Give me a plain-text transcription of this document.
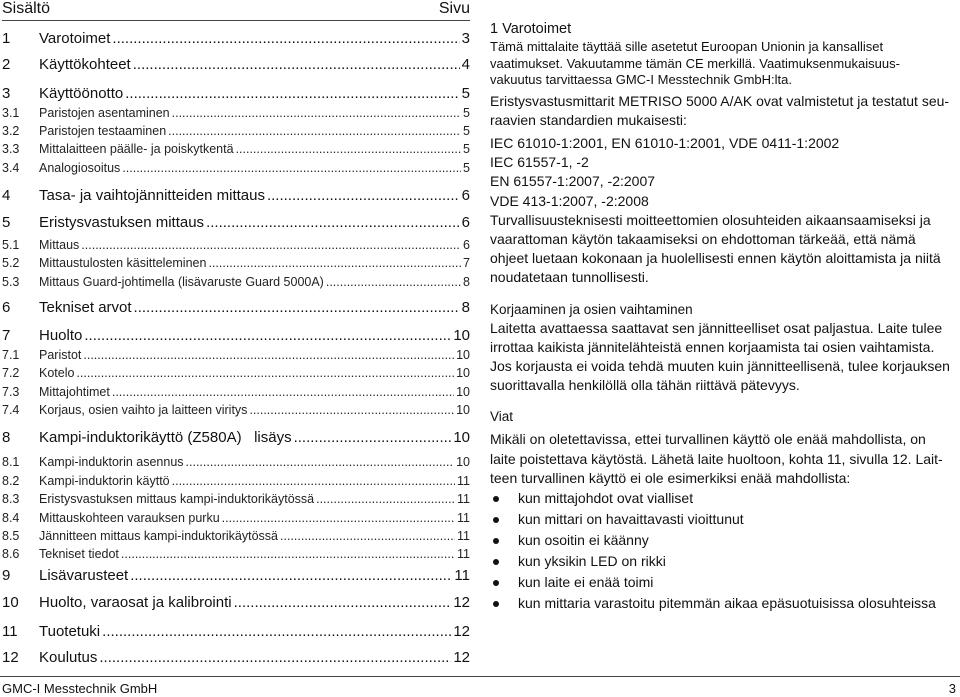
Sisältö	Sivu
1	Varotoimet .....	3
2	Käyttökohteet .....	4
3	Käyttöönotto .....	5
3.1	Paristojen asentaminen .....	5
3.2	Paristojen testaaminen .....	5
3.3	Mittalaitteen päälle- ja poiskytkentä .....	5
3.4	Analogiosoitus .....	5
4	Tasa- ja vaihtojännitteiden mittaus .....	6
5	Eristysvastuksen mittaus .....	6
5.1	Mittaus .....	6
5.2	Mittaustulosten käsitteleminen .....	7
5.3	Mittaus Guard-johtimella (lisävaruste Guard 5000A) .....	8
6	Tekniset arvot .....	8
7	Huolto .....	10
7.1	Paristot .....	10
7.2	Kotelo .....	10
7.3	Mittajohtimet .....	10
7.4	Korjaus, osien vaihto ja laitteen viritys .....	10
8	Kampi-induktorikäyttö (Z580A)   lisäys .....	10
8.1	Kampi-induktorin asennus .....	10
8.2	Kampi-induktorin käyttö .....	11
8.3	Eristysvastuksen mittaus kampi-induktorikäytössä .....	11
8.4	Mittauskohteen varauksen purku .....	11
8.5	Jännitteen mittaus kampi-induktorikäytössä .....	11
8.6	Tekniset tiedot .....	11
9	Lisävarusteet .....	11
10	Huolto, varaosat ja kalibrointi .....	12
11	Tuotetuki .....	12
12	Koulutus .....	12

1 Varotoimet

Tämä mittalaite täyttää sille asetetut Euroopan Unionin ja kansalliset

vaatimukset. Vakuutamme tämän CE merkillä. Vaatimuksenmukaisuus-

vakuutus tarvittaessa GMC-I Messtechnik GmbH:lta.

Eristysvastusmittarit METRISO 5000 A/AK ovat valmistetut ja testatut seu-

raavien standardien mukaisesti:

IEC 61010-1:2001, EN 61010-1:2001, VDE 0411-1:2002

IEC 61557-1, -2

EN 61557-1:2007, -2:2007

VDE 413-1:2007, -2:2008

Turvallisuusteknisesti moitteettomien olosuhteiden aikaansaamiseksi ja

vaarattoman käytön takaamiseksi on ehdottoman tärkeää, että nämä

ohjeet luetaan kokonaan ja huolellisesti ennen käytön aloittamista ja niitä

noudatetaan tunnollisesti.

Korjaaminen ja osien vaihtaminen

Laitetta avattaessa saattavat sen jännitteelliset osat paljastua. Laite tulee

irrottaa kaikista jännitelähteistä ennen korjaamista tai osien vaihtamista.

Jos korjausta ei voida tehdä muuten kuin jännitteellisenä, tulee korjauksen

suorittavalla henkilöllä olla tähän riittävä pätevyys.

Viat

Mikäli on oletettavissa, ettei turvallinen käyttö ole enää mahdollista, on

laite poistettava käytöstä. Lähetä laite huoltoon, kohta 11, sivulla 12. Lait-

teen turvallinen käyttö ei ole esimerkiksi enää mahdollista:

kun mittajohdot ovat vialliset
kun mittari on havaittavasti vioittunut
kun osoitin ei käänny
kun yksikin LED on rikki
kun laite ei enää toimi
kun mittaria varastoitu pitemmän aikaa epäsuotuisissa olosuhteissa
GMC-I Messtechnik GmbH	3
